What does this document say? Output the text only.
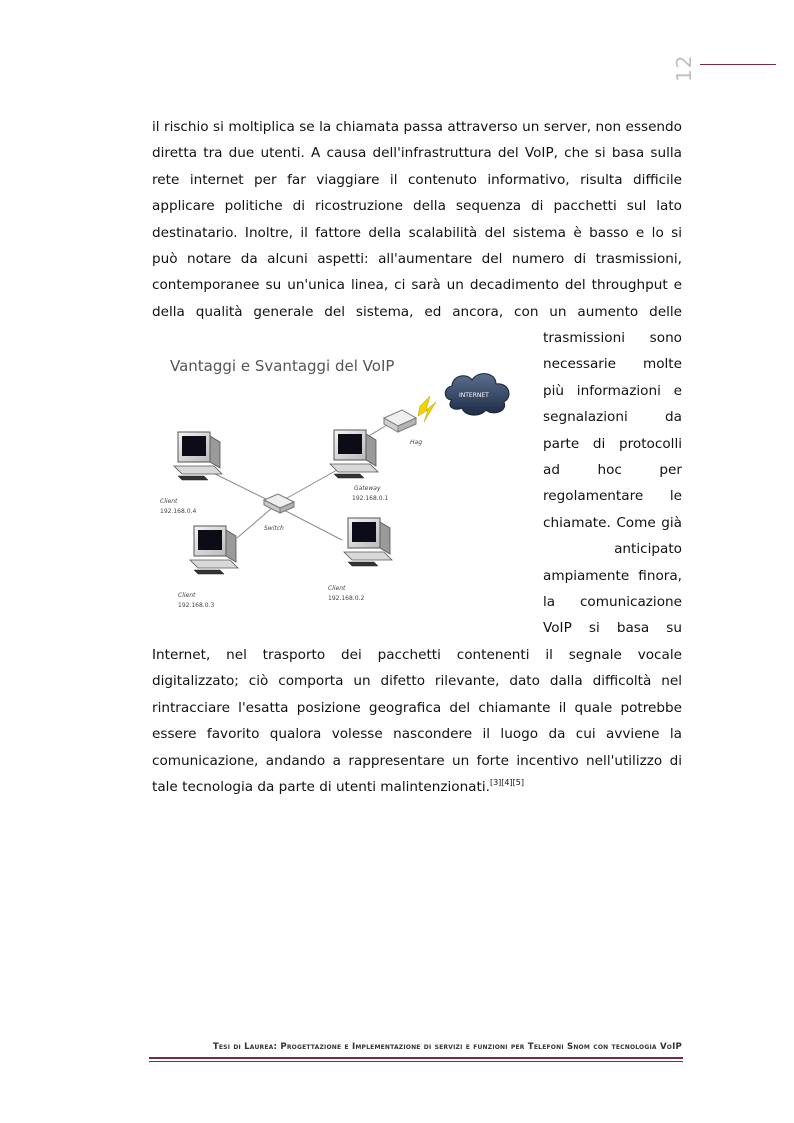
12
il rischio si moltiplica se la chiamata passa attraverso un server, non essendo
diretta tra due utenti. A causa dell'infrastruttura del VoIP, che si basa sulla
rete internet per far viaggiare il contenuto informativo, risulta difficile
applicare politiche di ricostruzione della sequenza di pacchetti sul lato
destinatario. Inoltre, il fattore della scalabilità del sistema è basso e lo si
può notare da alcuni aspetti: all'aumentare del numero di trasmissioni,
contemporanee su un'unica linea, ci sarà un decadimento del throughput e
della qualità generale del sistema, ed ancora, con un aumento delle
Vantaggi e Svantaggi del VoIP
INTERNET
Hag
Switch
Client
192.168.0.4
Gateway
192.168.0.1
Client
192.168.0.3
Client
192.168.0.2
trasmissioni sono
necessarie molte
più informazioni e
segnalazioni da
parte di protocolli
ad hoc per
regolamentare le
chiamate. Come già
anticipato
ampiamente finora,
la comunicazione
VoIP si basa su
Internet, nel trasporto dei pacchetti contenenti il segnale vocale
digitalizzato; ciò comporta un difetto rilevante, dato dalla difficoltà nel
rintracciare l'esatta posizione geografica del chiamante il quale potrebbe
essere favorito qualora volesse nascondere il luogo da cui avviene la
comunicazione, andando a rappresentare un forte incentivo nell'utilizzo di
tale tecnologia da parte di utenti malintenzionati.[3][4][5]
Tesi di Laurea: Progettazione e Implementazione di servizi e funzioni per Telefoni Snom con tecnologia VoIP
